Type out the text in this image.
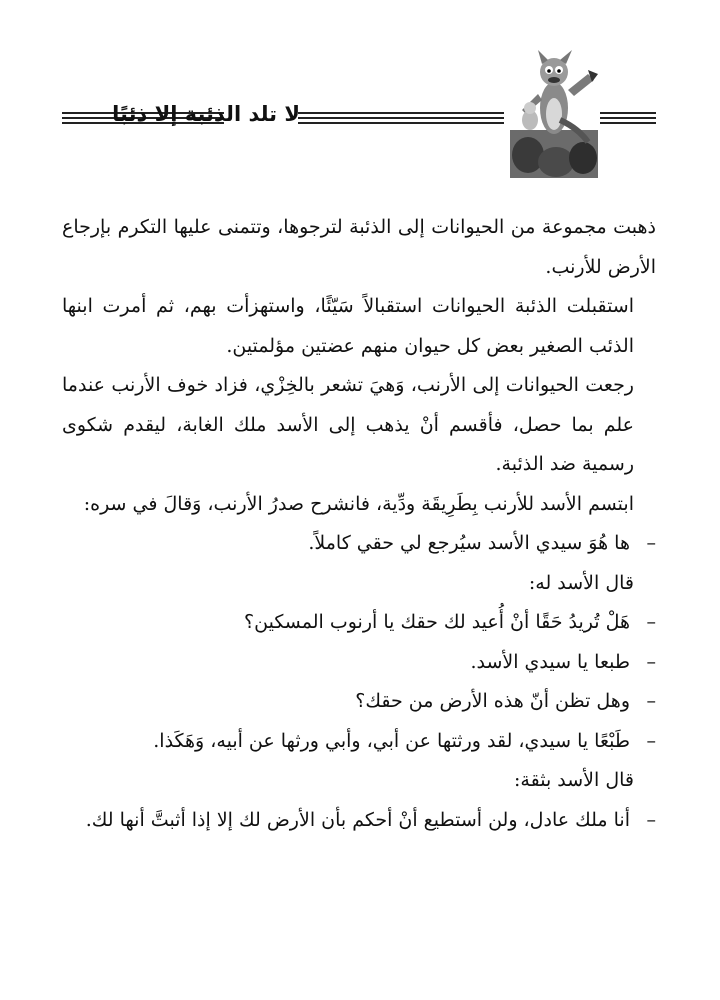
لا تلد الذئبة إلا ذئبًا

ذهبت مجموعة من الحيوانات إلى الذئبة لترجوها، وتتمنى عليها التكرم بإرجاع الأرض للأرنب.

استقبلت الذئبة الحيوانات استقبالاً سَيّئًا، واستهزأت بهم، ثم أمرت ابنها الذئب الصغير بعض كل حيوان منهم عضتين مؤلمتين.

رجعت الحيوانات إلى الأرنب، وَهيَ تشعر بالخِزْي، فزاد خوف الأرنب عندما علم بما حصل، فأقسم أنْ يذهب إلى الأسد ملك الغابة، ليقدم شكوى رسمية ضد الذئبة.

ابتسم الأسد للأرنب بِطَرِيقَة ودِّية، فانشرح صدرُ الأرنب، وَقالَ في سره:

–
ها هُوَ سيدي الأسد سيُرجع لي حقي كاملاً.

قال الأسد له:

–
هَلْ تُريدُ حَقًا أنْ أُعيد لك حقك يا أرنوب المسكين؟

–
طبعا يا سيدي الأسد.

–
وهل تظن أنّ هذه الأرض من حقك؟

–
طَبْعًا يا سيدي، لقد ورثتها عن أبي، وأبي ورثها عن أبيه، وَهَكَذا.

قال الأسد بثقة:

–
أنا ملك عادل، ولن أستطيع أنْ أحكم بأن الأرض لك إلا إذا أثبتَّ أنها لك.
